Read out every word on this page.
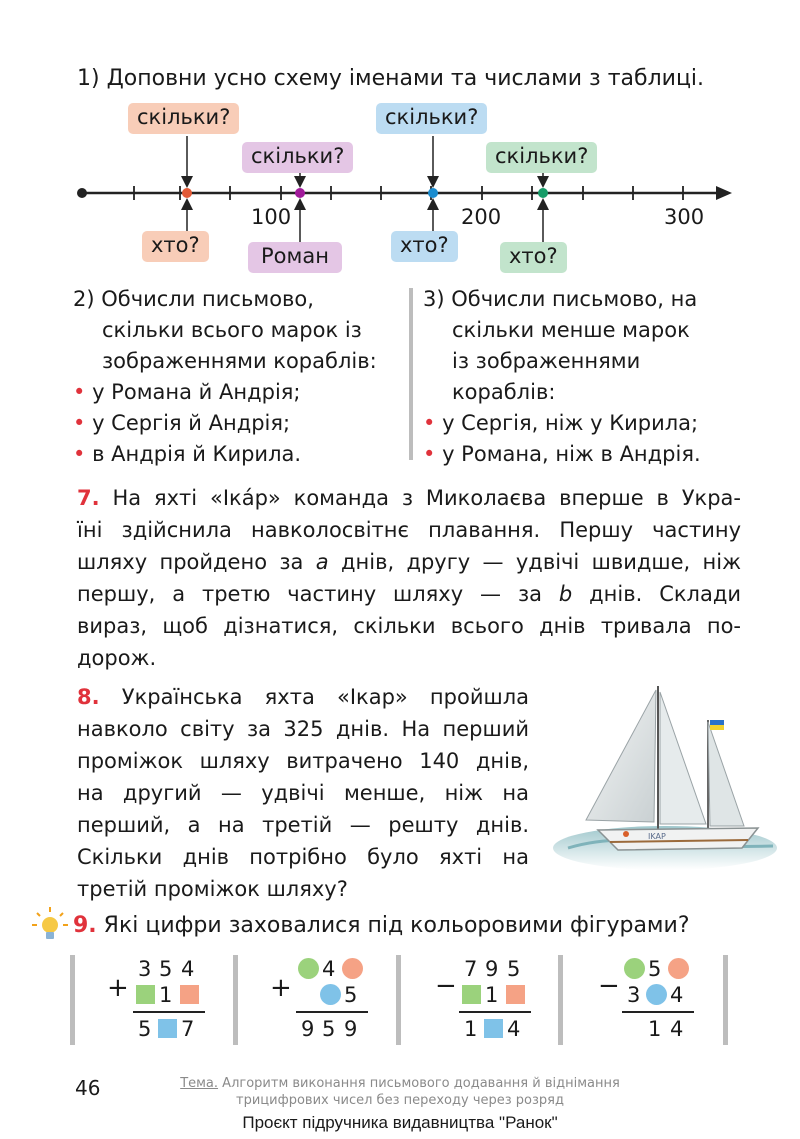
1) Доповни усно схему іменами та числами з таблиці.
скільки?
скільки?
скільки?
скільки?
100	200	300
хто?	Роман	хто?	хто?
2) Обчисли письмово,
скільки всього марок із
зображеннями кораблів:
• у Романа й Андрія;
• у Сергія й Андрія;
• в Андрія й Кирила.
3) Обчисли письмово, на
скільки менше марок
із зображеннями
кораблів:
• у Сергія, ніж у Кирила;
• у Романа, ніж в Андрія.
7. На яхті «Ікáр» команда з Миколаєва вперше в Укра-
їні здійснила навколосвітнє плавання. Першу частину
шляху пройдено за a днів, другу — удвічі швидше, ніж
першу, а третю частину шляху — за b днів. Склади
вираз, щоб дізнатися, скільки всього днів тривала по-
дорож.
8. Українська яхта «Ікар» пройшла
навколо світу за 325 днів. На перший
проміжок шляху витрачено 140 днів,
на другий — удвічі менше, ніж на
перший, а на третій — решту днів.
Скільки днів потрібно було яхті на
третій проміжок шляху?
IKAP
9. Які цифри заховалися під кольоровими фігурами?
+
3 5 4
1
5 7
+
4
5
9 5 9
−
7 9 5
1
1 4
−
5
3 4
1 4
46	Тема. Алгоритм виконання письмового додавання й віднімання
трицифрових чисел без переходу через розряд
Проєкт підручника видавництва "Ранок"
